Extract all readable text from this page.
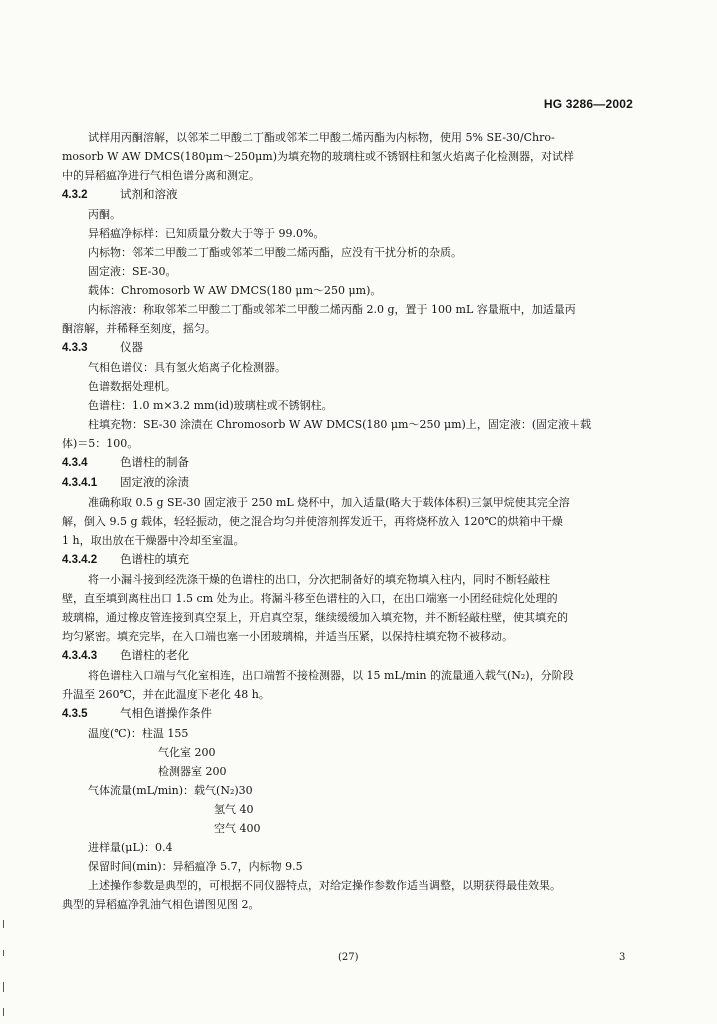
HG 3286—2002

试样用丙酮溶解，以邻苯二甲酸二丁酯或邻苯二甲酸二烯丙酯为内标物，使用 5% SE-30/Chro-

mosorb W AW DMCS(180μm～250μm)为填充物的玻璃柱或不锈钢柱和氢火焰离子化检测器，对试样

中的异稻瘟净进行气相色谱分离和测定。

4.3.2	试剂和溶液

丙酮。

异稻瘟净标样：已知质量分数大于等于 99.0%。

内标物：邻苯二甲酸二丁酯或邻苯二甲酸二烯丙酯，应没有干扰分析的杂质。

固定液：SE-30。

载体：Chromosorb W AW DMCS(180 μm～250 μm)。

内标溶液：称取邻苯二甲酸二丁酯或邻苯二甲酸二烯丙酯 2.0 g，置于 100 mL 容量瓶中，加适量丙

酮溶解，并稀释至刻度，摇匀。

4.3.3	仪器

气相色谱仪：具有氢火焰离子化检测器。

色谱数据处理机。

色谱柱：1.0 m×3.2 mm(id)玻璃柱或不锈钢柱。

柱填充物：SE-30 涂渍在 Chromosorb W AW DMCS(180 μm～250 μm)上，固定液：(固定液＋载

体)＝5：100。

4.3.4	色谱柱的制备
4.3.4.1 固定液的涂渍

准确称取 0.5 g SE-30 固定液于 250 mL 烧杯中，加入适量(略大于载体体积)三氯甲烷使其完全溶

解，倒入 9.5 g 载体，轻轻振动，使之混合均匀并使溶剂挥发近干，再将烧杯放入 120℃的烘箱中干燥

1 h，取出放在干燥器中冷却至室温。

4.3.4.2 色谱柱的填充

将一小漏斗接到经洗涤干燥的色谱柱的出口，分次把制备好的填充物填入柱内，同时不断轻敲柱

壁，直至填到离柱出口 1.5 cm 处为止。将漏斗移至色谱柱的入口，在出口端塞一小团经硅烷化处理的

玻璃棉，通过橡皮管连接到真空泵上，开启真空泵，继续缓缓加入填充物，并不断轻敲柱壁，使其填充的

均匀紧密。填充完毕，在入口端也塞一小团玻璃棉，并适当压紧，以保持柱填充物不被移动。

4.3.4.3 色谱柱的老化

将色谱柱入口端与气化室相连，出口端暂不接检测器，以 15 mL/min 的流量通入载气(N₂)，分阶段

升温至 260℃，并在此温度下老化 48 h。

4.3.5	气相色谱操作条件

温度(℃)：柱温 155

气化室 200

检测器室 200

气体流量(mL/min)：载气(N₂)30

氢气 40

空气 400

进样量(μL)：0.4

保留时间(min)：异稻瘟净 5.7，内标物 9.5

上述操作参数是典型的，可根据不同仪器特点，对给定操作参数作适当调整，以期获得最佳效果。

典型的异稻瘟净乳油气相色谱图见图 2。

(27)	3
